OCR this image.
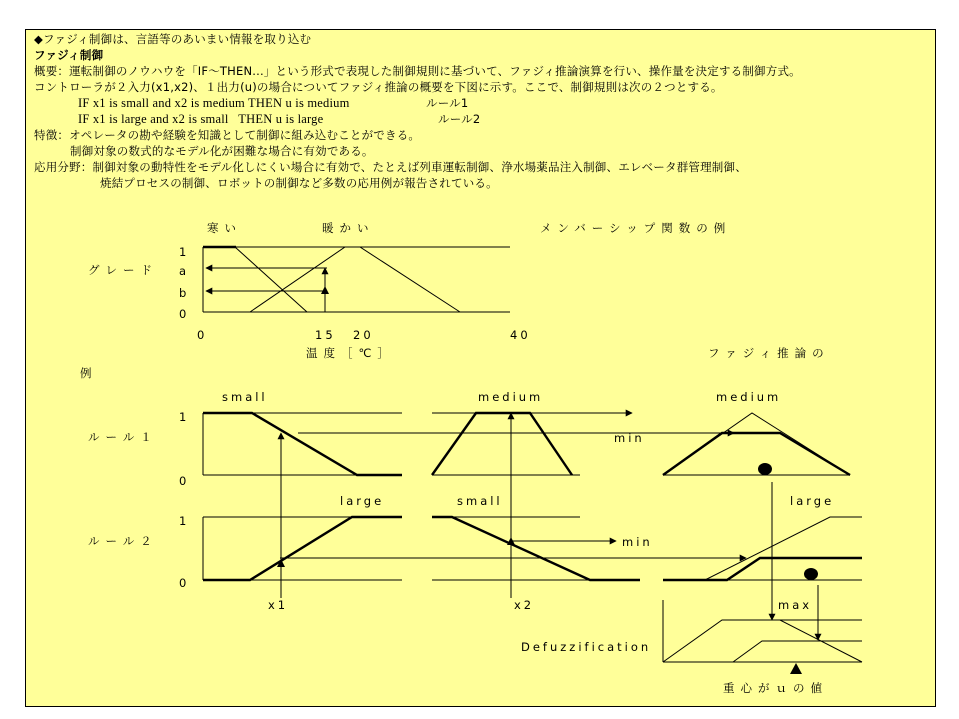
◆ファジィ制御は、言語等のあいまい情報を取り込む
ファジィ制御
概要：運転制御のノウハウを「IF〜THEN...」という形式で表現した制御規則に基づいて、ファジィ推論演算を行い、操作量を決定する制御方式。
コントローラが２入力(x1,x2)、１出力(u)の場合についてファジィ推論の概要を下図に示す。ここで、制御規則は次の２つとする。
IF x1 is small and x2 is medium THEN u is medium	ルール1
IF x1 is large and x2 is small   THEN u is large	ルール2
特徴：オペレータの勘や経験を知識として制御に組み込むことができる。
制御対象の数式的なモデル化が困難な場合に有効である。
応用分野：制御対象の動特性をモデル化しにくい場合に有効で、たとえば列車運転制御、浄水場薬品注入制御、エレベータ群管理制御、
焼結プロセスの制御、ロボットの制御など多数の応用例が報告されている。
寒い	暖かい	メンバーシップ関数の例
グレード
1
a
b
0
0	15 20	40
温度［℃］	ファジィ推論の
例
small	medium	medium
ルール１
1
0
min
large	small	large
ルール２
1
0
min
x1	x2	max
Defuzzification
重心がｕの値
